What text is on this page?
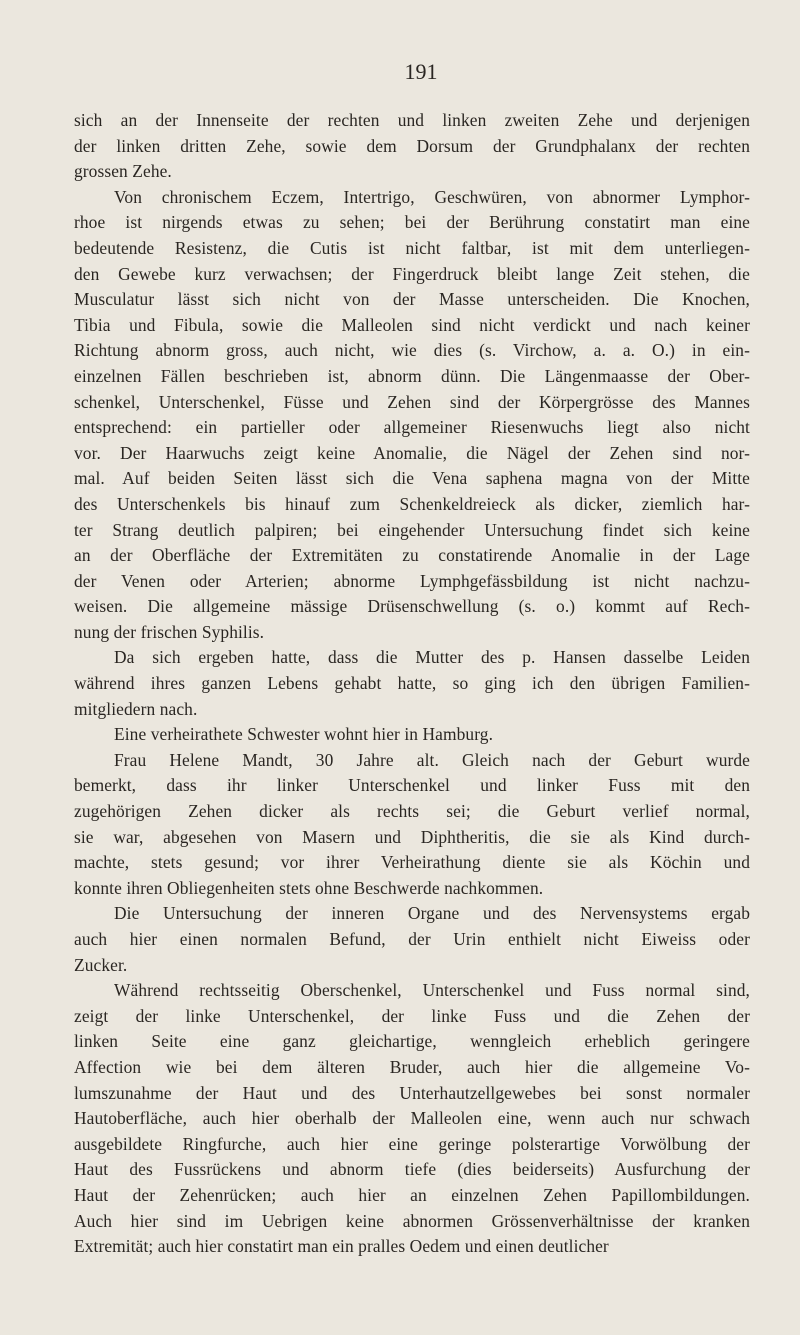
191
sich an der Innenseite der rechten und linken zweiten Zehe und derjenigen
der linken dritten Zehe, sowie dem Dorsum der Grundphalanx der rechten
grossen Zehe.
Von chronischem Eczem, Intertrigo, Geschwüren, von abnormer Lymphor-
rhoe ist nirgends etwas zu sehen; bei der Berührung constatirt man eine
bedeutende Resistenz, die Cutis ist nicht faltbar, ist mit dem unterliegen-
den Gewebe kurz verwachsen; der Fingerdruck bleibt lange Zeit stehen, die
Musculatur lässt sich nicht von der Masse unterscheiden. Die Knochen,
Tibia und Fibula, sowie die Malleolen sind nicht verdickt und nach keiner
Richtung abnorm gross, auch nicht, wie dies (s. Virchow, a. a. O.) in ein-
einzelnen Fällen beschrieben ist, abnorm dünn. Die Längenmaasse der Ober-
schenkel, Unterschenkel, Füsse und Zehen sind der Körpergrösse des Mannes
entsprechend: ein partieller oder allgemeiner Riesenwuchs liegt also nicht
vor. Der Haarwuchs zeigt keine Anomalie, die Nägel der Zehen sind nor-
mal. Auf beiden Seiten lässt sich die Vena saphena magna von der Mitte
des Unterschenkels bis hinauf zum Schenkeldreieck als dicker, ziemlich har-
ter Strang deutlich palpiren; bei eingehender Untersuchung findet sich keine
an der Oberfläche der Extremitäten zu constatirende Anomalie in der Lage
der Venen oder Arterien; abnorme Lymphgefässbildung ist nicht nachzu-
weisen. Die allgemeine mässige Drüsenschwellung (s. o.) kommt auf Rech-
nung der frischen Syphilis.
Da sich ergeben hatte, dass die Mutter des p. Hansen dasselbe Leiden
während ihres ganzen Lebens gehabt hatte, so ging ich den übrigen Familien-
mitgliedern nach.
Eine verheirathete Schwester wohnt hier in Hamburg.
Frau Helene Mandt, 30 Jahre alt. Gleich nach der Geburt wurde
bemerkt, dass ihr linker Unterschenkel und linker Fuss mit den
zugehörigen Zehen dicker als rechts sei; die Geburt verlief normal,
sie war, abgesehen von Masern und Diphtheritis, die sie als Kind durch-
machte, stets gesund; vor ihrer Verheirathung diente sie als Köchin und
konnte ihren Obliegenheiten stets ohne Beschwerde nachkommen.
Die Untersuchung der inneren Organe und des Nervensystems ergab
auch hier einen normalen Befund, der Urin enthielt nicht Eiweiss oder
Zucker.
Während rechtsseitig Oberschenkel, Unterschenkel und Fuss normal sind,
zeigt der linke Unterschenkel, der linke Fuss und die Zehen der
linken Seite eine ganz gleichartige, wenngleich erheblich geringere
Affection wie bei dem älteren Bruder, auch hier die allgemeine Vo-
lumszunahme der Haut und des Unterhautzellgewebes bei sonst normaler
Hautoberfläche, auch hier oberhalb der Malleolen eine, wenn auch nur schwach
ausgebildete Ringfurche, auch hier eine geringe polsterartige Vorwölbung der
Haut des Fussrückens und abnorm tiefe (dies beiderseits) Ausfurchung der
Haut der Zehenrücken; auch hier an einzelnen Zehen Papillombildungen.
Auch hier sind im Uebrigen keine abnormen Grössenverhältnisse der kranken
Extremität; auch hier constatirt man ein pralles Oedem und einen deutlicher
